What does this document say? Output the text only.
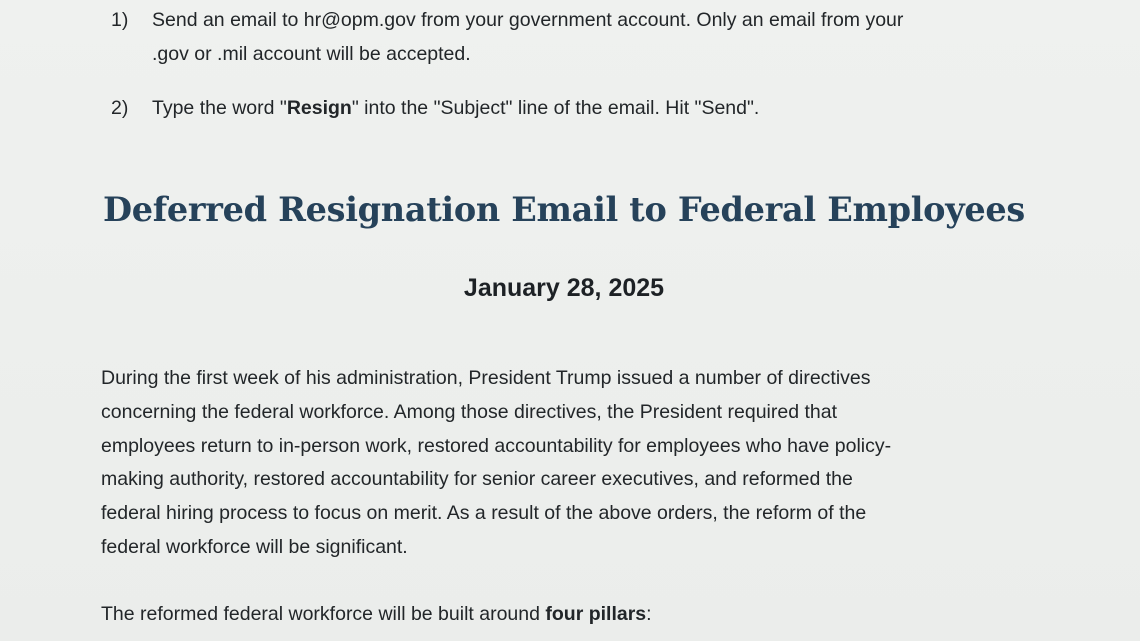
1)	Send an email to hr@opm.gov from your government account. Only an email from your
.gov or .mil account will be accepted.
2)	Type the word "Resign" into the "Subject" line of the email. Hit "Send".
Deferred Resignation Email to Federal Employees
January 28, 2025
During the first week of his administration, President Trump issued a number of directives
concerning the federal workforce. Among those directives, the President required that
employees return to in-person work, restored accountability for employees who have policy-
making authority, restored accountability for senior career executives, and reformed the
federal hiring process to focus on merit. As a result of the above orders, the reform of the
federal workforce will be significant.
The reformed federal workforce will be built around four pillars:
